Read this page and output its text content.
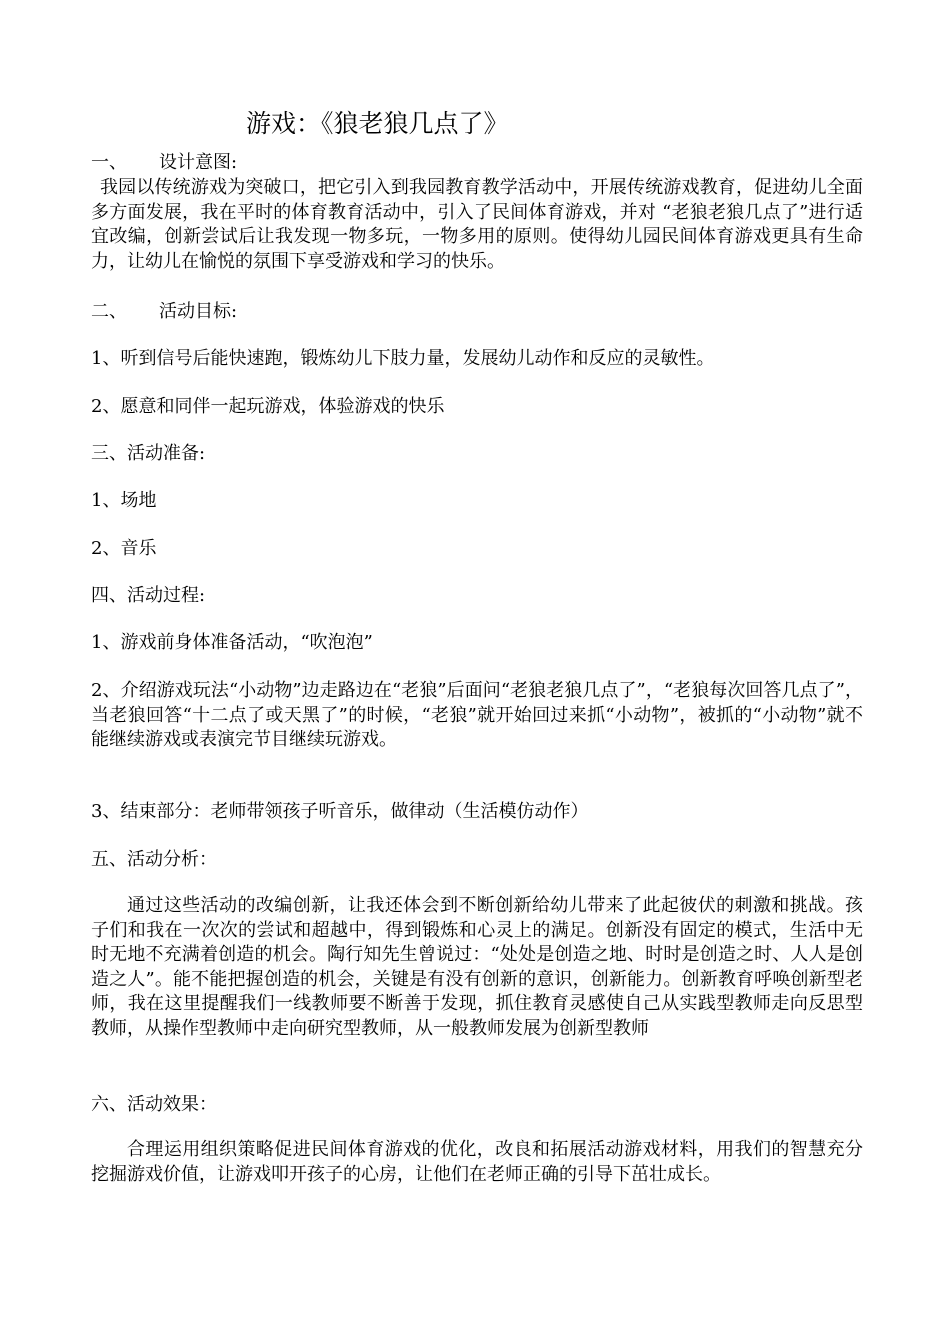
游戏：《狼老狼几点了》
一、 设计意图:
我园以传统游戏为突破口，把它引入到我园教育教学活动中，开展传统游戏教育，促进幼儿全面多方面发展，我在平时的体育教育活动中，引入了民间体育游戏，并对 “老狼老狼几点了”进行适宜改编，创新尝试后让我发现一物多玩，一物多用的原则。使得幼儿园民间体育游戏更具有生命力，让幼儿在愉悦的氛围下享受游戏和学习的快乐。
二、 活动目标:
1、听到信号后能快速跑，锻炼幼儿下肢力量，发展幼儿动作和反应的灵敏性。
2、愿意和同伴一起玩游戏，体验游戏的快乐
三、活动准备:
1、场地
2、音乐
四、活动过程:
1、游戏前身体准备活动，“吹泡泡”
2、介绍游戏玩法“小动物”边走路边在“老狼”后面问“老狼老狼几点了”，“老狼每次回答几点了”，当老狼回答“十二点了或天黑了”的时候，“老狼”就开始回过来抓“小动物”，被抓的“小动物”就不能继续游戏或表演完节目继续玩游戏。
3、结束部分：老师带领孩子听音乐，做律动（生活模仿动作）
五、活动分析：
通过这些活动的改编创新，让我还体会到不断创新给幼儿带来了此起彼伏的刺激和挑战。孩子们和我在一次次的尝试和超越中，得到锻炼和心灵上的满足。创新没有固定的模式，生活中无时无地不充满着创造的机会。陶行知先生曾说过：“处处是创造之地、时时是创造之时、人人是创造之人”。能不能把握创造的机会，关键是有没有创新的意识，创新能力。创新教育呼唤创新型老师，我在这里提醒我们一线教师要不断善于发现，抓住教育灵感使自己从实践型教师走向反思型教师，从操作型教师中走向研究型教师，从一般教师发展为创新型教师
六、活动效果：
合理运用组织策略促进民间体育游戏的优化，改良和拓展活动游戏材料，用我们的智慧充分挖掘游戏价值，让游戏叩开孩子的心房，让他们在老师正确的引导下茁壮成长。
